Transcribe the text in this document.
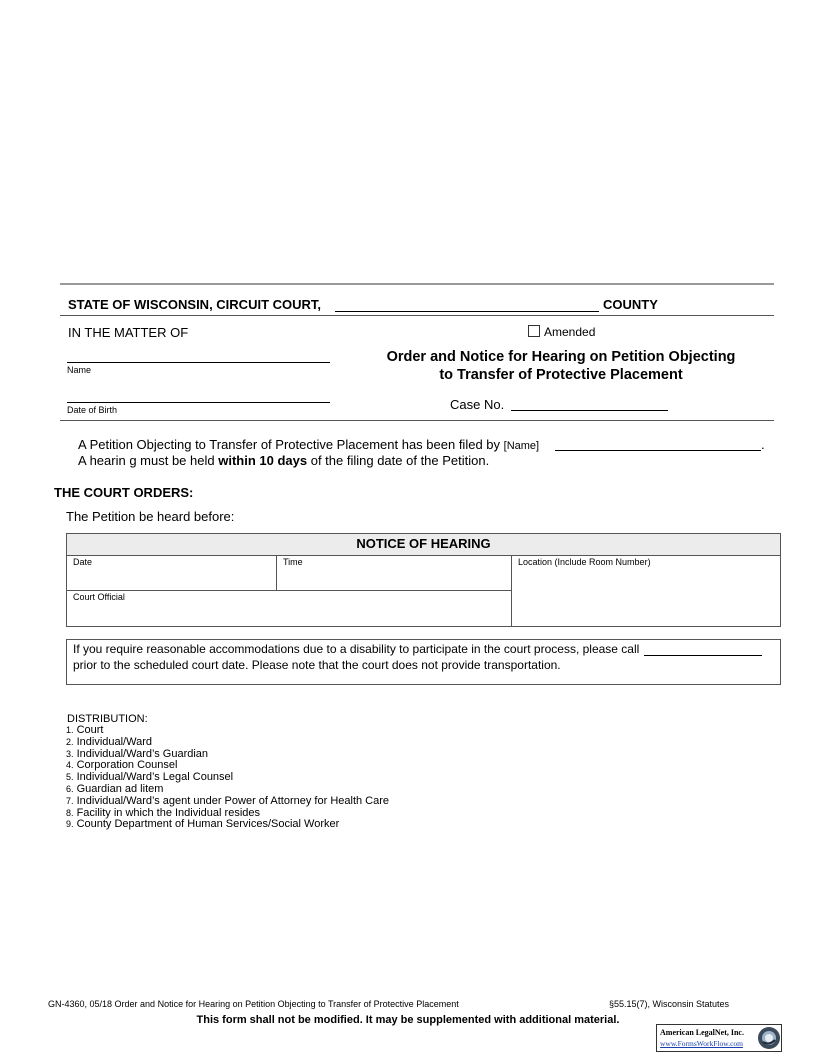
STATE OF WISCONSIN, CIRCUIT COURT,	COUNTY
IN THE MATTER OF	Amended
Name
Date of Birth
Order and Notice for Hearing on Petition Objecting
to Transfer of Protective Placement
Case No.
A Petition Objecting to Transfer of Protective Placement has been filed by [Name]	.
A hearin g must be held within 10 days of the filing date of the Petition.
THE COURT ORDERS:
The Petition be heard before:
NOTICE OF HEARING
Date	Time	Location (Include Room Number)
Court Official
If you require reasonable accommodations due to a disability to participate in the court process, please call
prior to the scheduled court date. Please note that the court does not provide transportation.
DISTRIBUTION:
1. Court
2. Individual/Ward
3. Individual/Ward’s Guardian
4. Corporation Counsel
5. Individual/Ward’s Legal Counsel
6. Guardian ad litem
7. Individual/Ward’s agent under Power of Attorney for Health Care
8. Facility in which the Individual resides
9. County Department of Human Services/Social Worker
GN-4360, 05/18 Order and Notice for Hearing on Petition Objecting to Transfer of Protective Placement	§55.15(7), Wisconsin Statutes
This form shall not be modified. It may be supplemented with additional material.
American LegalNet, Inc.
www.FormsWorkFlow.com
